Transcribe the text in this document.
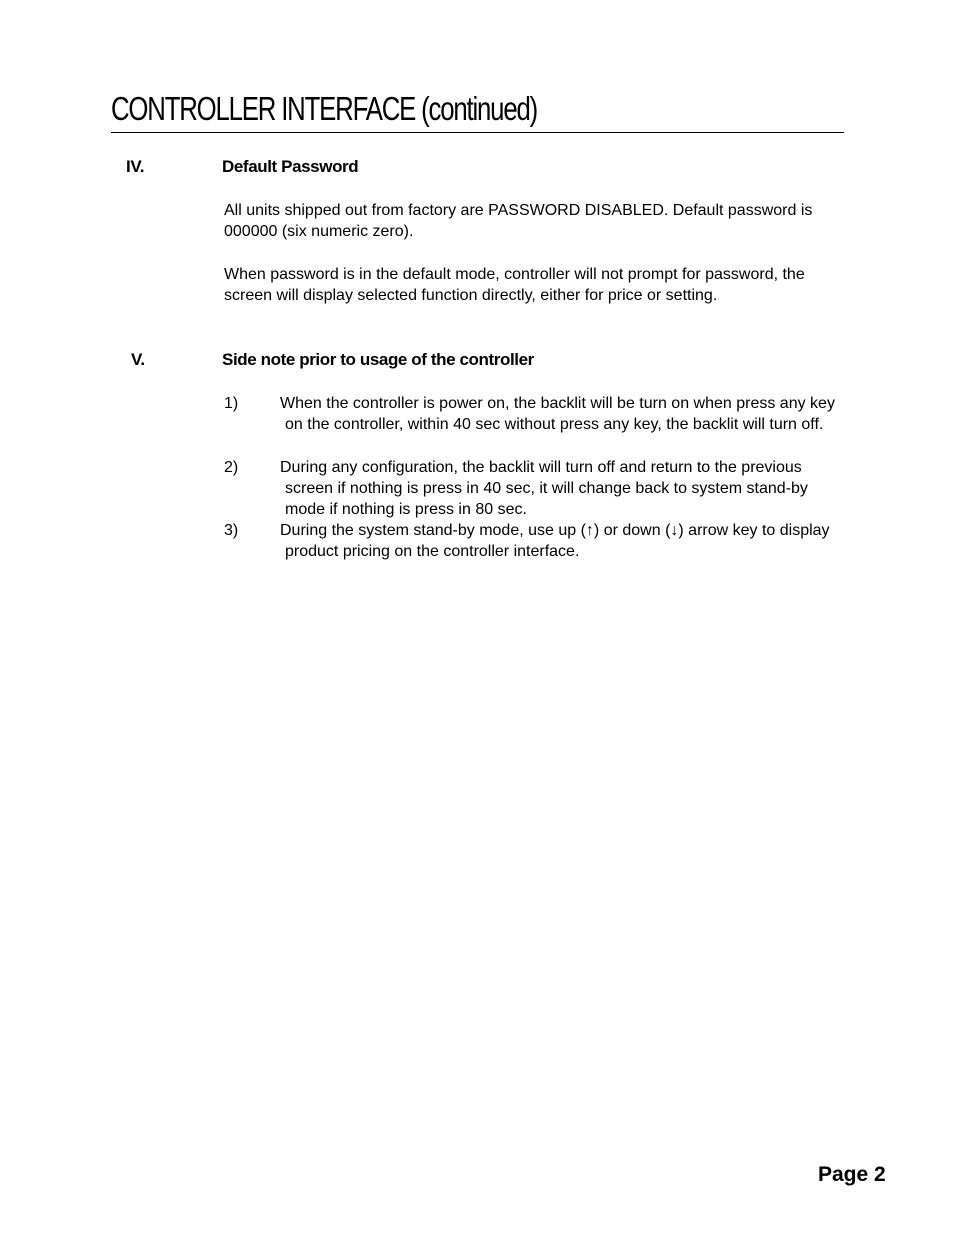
CONTROLLER INTERFACE (continued)
IV.	Default Password

All units shipped out from factory are PASSWORD DISABLED. Default password is 000000 (six numeric zero).

When password is in the default mode, controller will not prompt for password, the screen will display selected function directly, either for price or setting.

V.	Side note prior to usage of the controller
1)	When the controller is power on, the backlit will be turn on when press any key on the controller, within 40 sec without press any key, the backlit will turn off.
2)	During any configuration, the backlit will turn off and return to the previous screen if nothing is press in 40 sec, it will change back to system stand-by mode if nothing is press in 80 sec.
3)	During the system stand-by mode, use up (↑) or down (↓) arrow key to display product pricing on the controller interface.
Page 2
